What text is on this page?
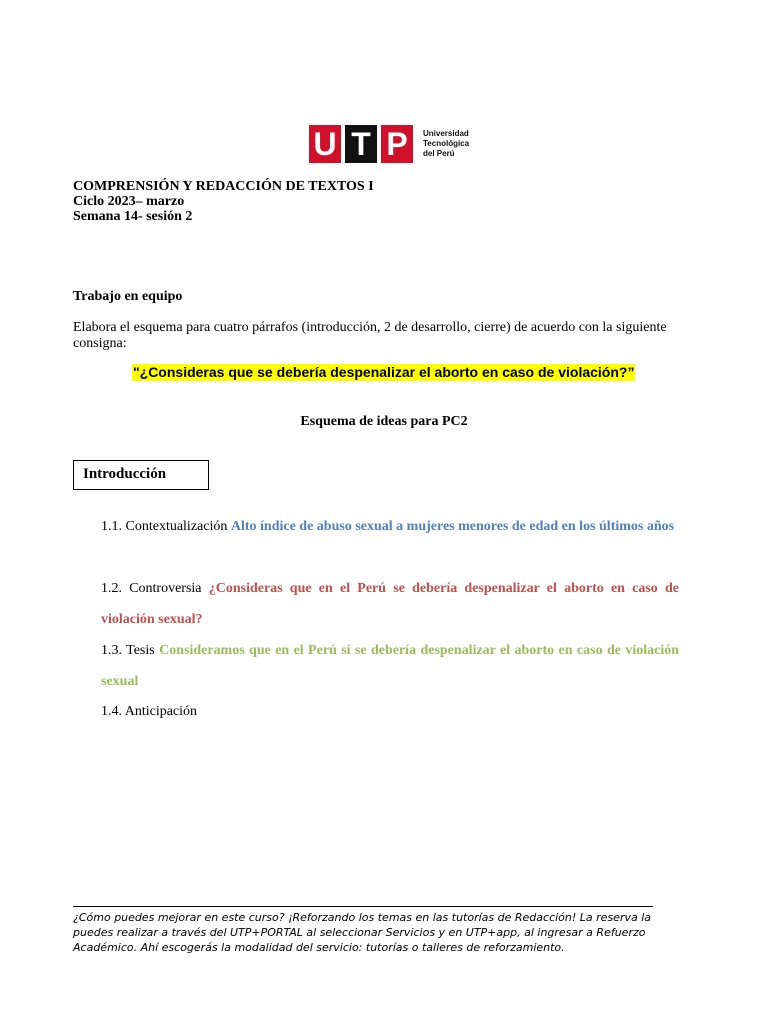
U T P	Universidad
Tecnológica
del Perú
COMPRENSIÓN Y REDACCIÓN DE TEXTOS I
Ciclo 2023– marzo
Semana 14- sesión 2
Trabajo en equipo
Elabora el esquema para cuatro párrafos (introducción, 2 de desarrollo, cierre) de acuerdo con la siguiente consigna:
"¿Consideras que se debería despenalizar el aborto en caso de violación?”
Esquema de ideas para PC2
Introducción
1.1. Contextualización Alto índice de abuso sexual a mujeres menores de edad en los últimos años
1.2. Controversia ¿Consideras que en el Perú se debería despenalizar el aborto en caso de violación sexual?
1.3. Tesis Consideramos que en el Perú sí se debería despenalizar el aborto en caso de violación sexual
1.4. Anticipación
¿Cómo puedes mejorar en este curso? ¡Reforzando los temas en las tutorías de Redacción! La reserva la puedes realizar a través del UTP+PORTAL al seleccionar Servicios y en UTP+app, al ingresar a Refuerzo Académico. Ahí escogerás la modalidad del servicio: tutorías o talleres de reforzamiento.
